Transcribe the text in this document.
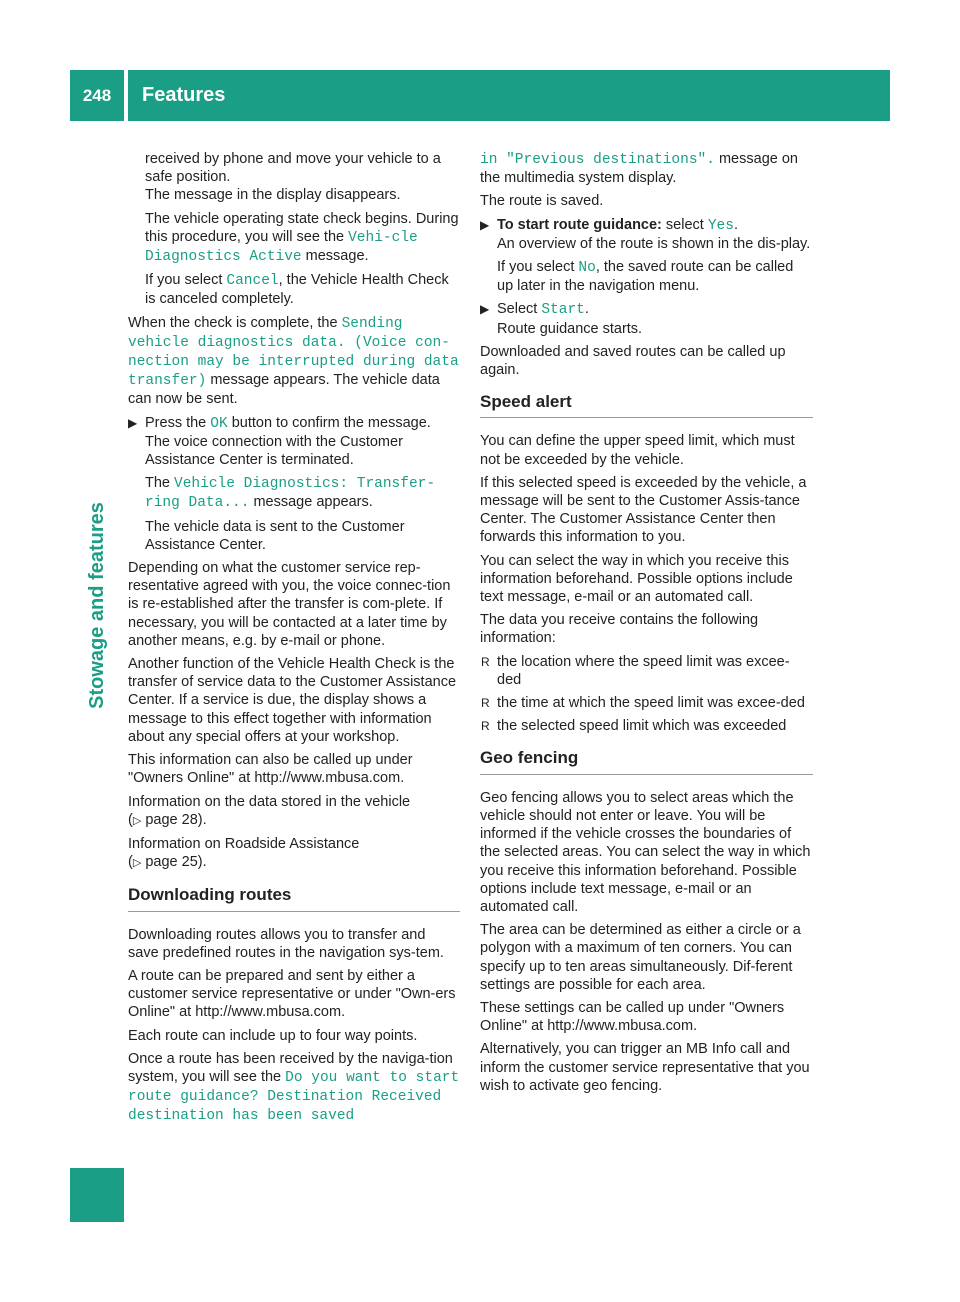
248	Features
Stowage and features

received by phone and move your vehicle to a safe position.
The message in the display disappears.

The vehicle operating state check begins. During this procedure, you will see the Vehi‐cle Diagnostics Active message.

If you select Cancel, the Vehicle Health Check is canceled completely.

When the check is complete, the Sending vehicle diagnostics data. (Voice con‐nection may be interrupted during data transfer) message appears. The vehicle data can now be sent.

▶ Press the OK button to confirm the message.
The voice connection with the Customer Assistance Center is terminated.

The Vehicle Diagnostics: Transfer‐ring Data... message appears.

The vehicle data is sent to the Customer Assistance Center.

Depending on what the customer service rep-resentative agreed with you, the voice connec-tion is re-established after the transfer is com-plete. If necessary, you will be contacted at a later time by another means, e.g. by e-mail or phone.

Another function of the Vehicle Health Check is the transfer of service data to the Customer Assistance Center. If a service is due, the display shows a message to this effect together with information about any special offers at your workshop.

This information can also be called up under "Owners Online" at http://www.mbusa.com.

Information on the data stored in the vehicle
(▷ page 28).

Information on Roadside Assistance
(▷ page 25).

Downloading routes

Downloading routes allows you to transfer and save predefined routes in the navigation sys-tem.

A route can be prepared and sent by either a customer service representative or under "Own-ers Online" at http://www.mbusa.com.

Each route can include up to four way points.

Once a route has been received by the naviga-tion system, you will see the Do you want to start route guidance? Destination Received destination has been saved

in "Previous destinations". message on the multimedia system display.

The route is saved.

▶ To start route guidance: select Yes.
An overview of the route is shown in the dis-play.

If you select No, the saved route can be called up later in the navigation menu.

▶ Select Start.
Route guidance starts.

Downloaded and saved routes can be called up again.

Speed alert

You can define the upper speed limit, which must not be exceeded by the vehicle.

If this selected speed is exceeded by the vehicle, a message will be sent to the Customer Assis-tance Center. The Customer Assistance Center then forwards this information to you.

You can select the way in which you receive this information beforehand. Possible options include text message, e-mail or an automated call.

The data you receive contains the following information:

R the location where the speed limit was excee-ded
R the time at which the speed limit was excee-ded
R the selected speed limit which was exceeded
Geo fencing

Geo fencing allows you to select areas which the vehicle should not enter or leave. You will be informed if the vehicle crosses the boundaries of the selected areas. You can select the way in which you receive this information beforehand. Possible options include text message, e-mail or an automated call.

The area can be determined as either a circle or a polygon with a maximum of ten corners. You can specify up to ten areas simultaneously. Dif-ferent settings are possible for each area.

These settings can be called up under "Owners Online" at http://www.mbusa.com.

Alternatively, you can trigger an MB Info call and inform the customer service representative that you wish to activate geo fencing.
